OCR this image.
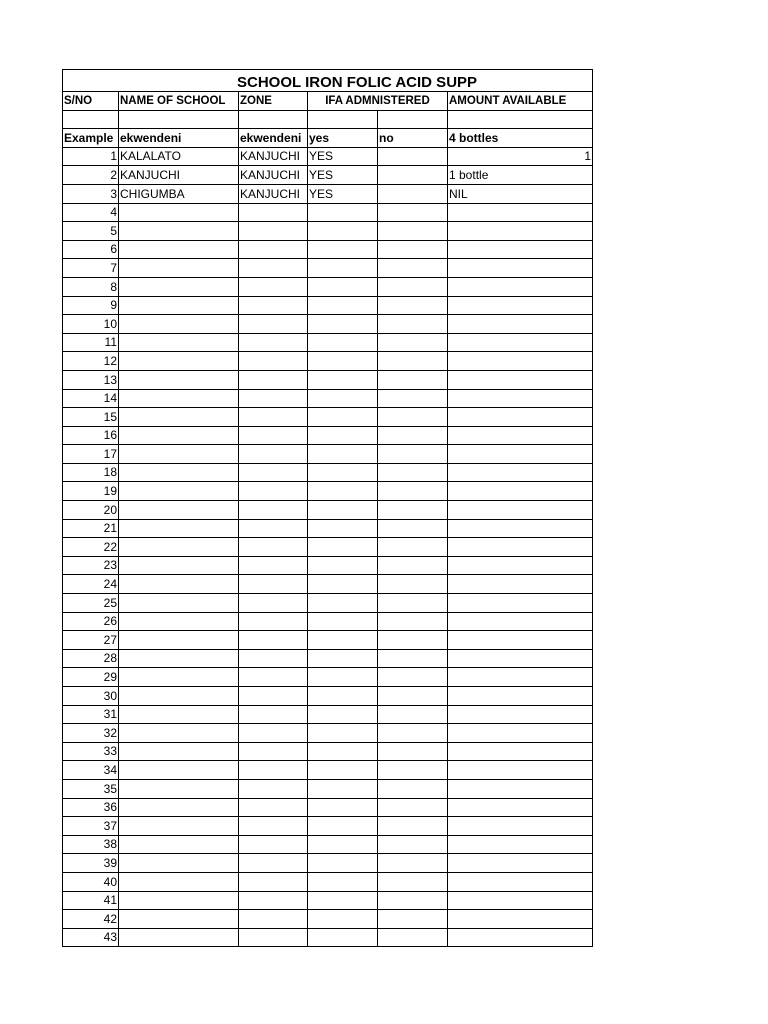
SCHOOL IRON FOLIC ACID SUPP					
S/NO	NAME OF SCHOOL	ZONE	IFA ADMNISTERED		AMOUNT AVAILABLE

Example	ekwendeni	ekwendeni	yes	no	4 bottles
1	KALALATO	KANJUCHI	YES		1
2	KANJUCHI	KANJUCHI	YES		1 bottle
3	CHIGUMBA	KANJUCHI	YES		NIL
4					
5					
6					
7					
8					
9					
10					
11					
12					
13					
14					
15					
16					
17					
18					
19					
20					
21					
22					
23					
24					
25					
26					
27					
28					
29					
30					
31					
32					
33					
34					
35					
36					
37					
38					
39					
40					
41					
42					
43					
